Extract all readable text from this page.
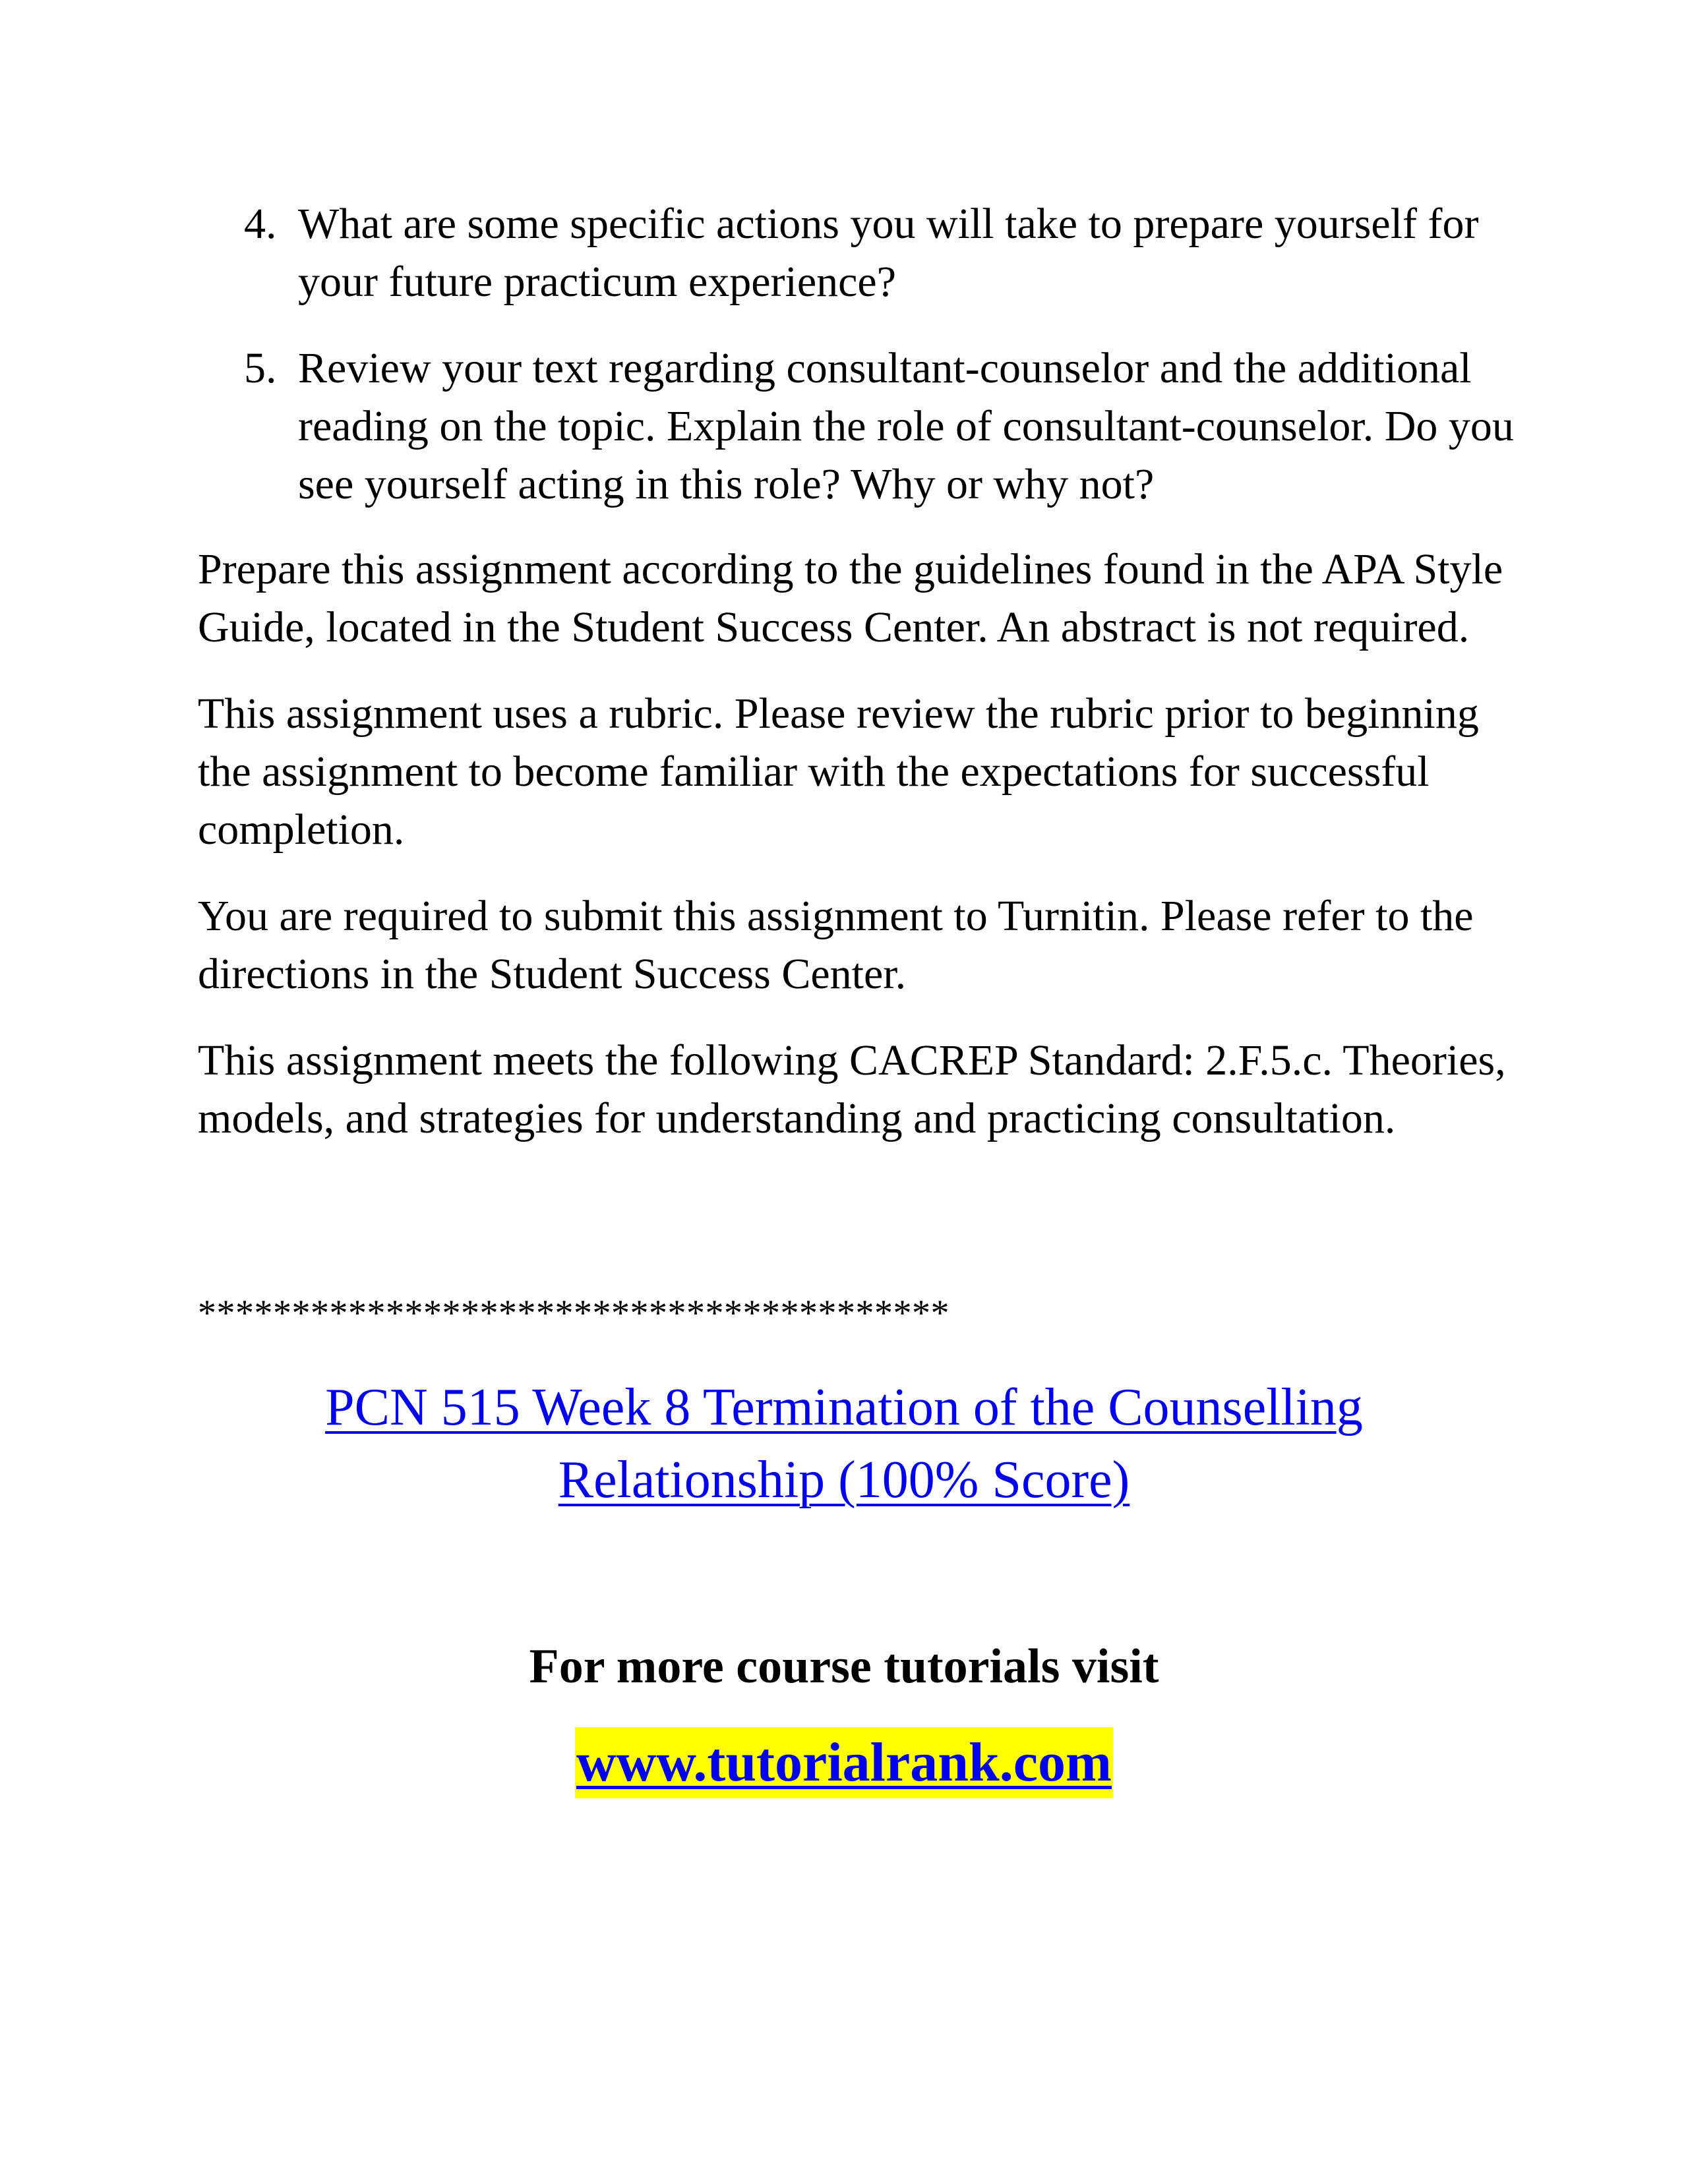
4. What are some specific actions you will take to prepare yourself for your future practicum experience?
5. Review your text regarding consultant-counselor and the additional reading on the topic. Explain the role of consultant-counselor. Do you see yourself acting in this role? Why or why not?

Prepare this assignment according to the guidelines found in the APA Style Guide, located in the Student Success Center. An abstract is not required.

This assignment uses a rubric. Please review the rubric prior to beginning the assignment to become familiar with the expectations for successful completion.

You are required to submit this assignment to Turnitin. Please refer to the directions in the Student Success Center.

This assignment meets the following CACREP Standard: 2.F.5.c. Theories, models, and strategies for understanding and practicing consultation.

****************************************
PCN 515 Week 8 Termination of the Counselling
Relationship (100% Score)
For more course tutorials visit
www.tutorialrank.com
